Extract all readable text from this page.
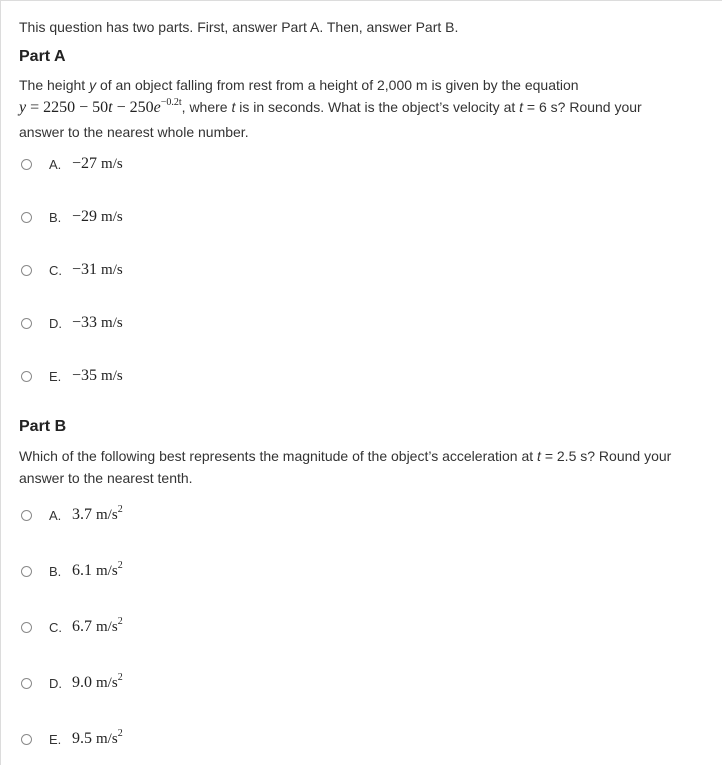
This question has two parts. First, answer Part A. Then, answer Part B.
Part A
The height y of an object falling from rest from a height of 2,000 m is given by the equation
$y = 2250 - 50t - 250e^{-0.2t}$, where t is in seconds. What is the object’s velocity at t = 6 s? Round your
answer to the nearest whole number.
A. −27 m/s
B. −29 m/s
C. −31 m/s
D. −33 m/s
E. −35 m/s
Part B
Which of the following best represents the magnitude of the object’s acceleration at t = 2.5 s? Round your
answer to the nearest tenth.
A. 3.7 $m/s^2$
B. 6.1 $m/s^2$
C. 6.7 $m/s^2$
D. 9.0 $m/s^2$
E. 9.5 $m/s^2$
